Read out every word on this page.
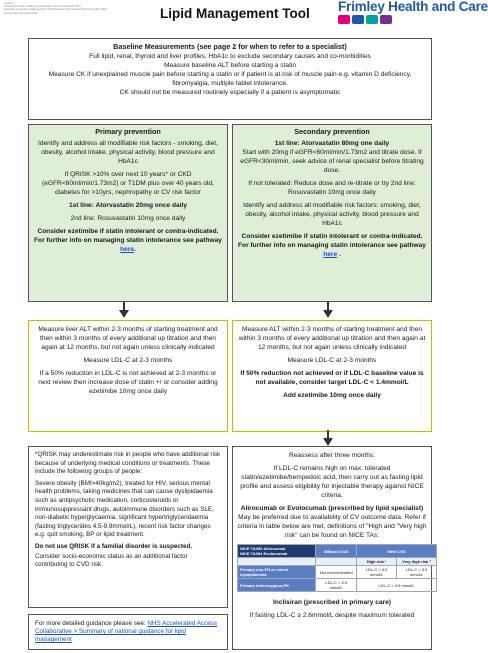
Version 1
Created by Frimley Medicines Optimisation Group November 2023
Approved by Frimley Health and Care ICS Medicines Optimisation Board November 2023
Review date November 2026	Lipid Management Tool Frimley Health and Care

Baseline Measurements (see page 2 for when to refer to a specialist)

Full lipid, renal, thyroid and liver profiles, HbA1c to exclude secondary causes and co-morbidities

Measure baseline ALT before starting a statin

Measure CK if unexplained muscle pain before starting a statin or if patient is at risk of muscle pain e.g. vitamin D deficiency, fibromyalgia, multiple tablet intolerance.

CK should not be measured routinely especially if a patient is asymptomatic

Primary prevention

Identify and address all modifiable risk factors - smoking, diet, obesity, alcohol intake, physical activity, blood pressure and HbA1c

If QRISK >10% over next 10 years* or CKD (eGFR<60ml/min/1.73m2) or T1DM plus over 40 years old, diabetes for >10yrs, nephropathy or CV risk factor

1st line: Atorvastatin 20mg once daily

2nd line: Rosuvastatin 10mg once daily

Consider ezetimibe if statin intolerant or contra-indicated. For further info on managing statin intolerance see pathway here.

Secondary prevention

1st line: Atorvastatin 80mg one daily

Start with 20mg if eGFR<60ml/min/1.73m2 and titrate dose. If eGFR<30ml/min, seek advice of renal specialist before titrating dose.

If not tolerated: Reduce dose and re-titrate or try 2nd line: Rosuvastatin 10mg once daily

Identify and address all modifiable risk factors: smoking, diet, obesity, alcohol intake, physical activity, blood pressure and HbA1c

Consider ezetimibe if statin intolerant or contra-indicated. For further info on managing statin intolerance see pathway here .

Measure liver ALT within 2-3 months of starting treatment and then within 3 months of every additional up titration and then again at 12 months, but not again unless clinically indicated

Measure LDL-C at 2-3 months

If a 50% reduction in LDL-C is not achieved at 2-3 months or next review then increase dose of statin +/ or consider adding ezetimibe 10mg once daily

Measure ALT within 2-3 months of starting treatment and then within 3 months of every additional up titration and then again at 12 months, but not again unless clinically indicated

Measure LDL-C at 2-3 months

If 50% reduction not achieved or if LDL-C baseline value is not available, consider target LDL-C < 1.4mmol/L

Add ezetimibe 10mg once daily

*QRISK may underestimate risk in people who have additional risk because of underlying medical conditions or treatments. These include the following groups of people:

Severe obesity (BMI>40kg/m2), treated for HIV, serious mental health problems, taking medicines that can cause dyslipidaemia such as antipsychotic medication, corticosteroids or immunosuppressant drugs, autoimmune disorders such as SLE, non-diabetic hyperglycaemia, significant hypertriglyceridaemia (fasting triglycerides 4.5-9.9mmol/L), recent risk factor changes e.g. quit smoking, BP or lipid treatment.

Do not use QRISK if a familial disorder is suspected.

Consider socio-economic status as an additional factor contributing to CVD risk.

For more detailed guidance please see: NHS Accelerated Access Collaborative > Summary of national guidance for lipid management

Reassess after three months.

If LDL-C remains high on max. tolerated statin/ezetimibe/bempedoic acid, then carry out as fasting lipid profile and assess eligibility for injectable therapy against NICE criteria.

Alirocumab or Evolocumab (prescribed by lipid specialist)

May be preferred due to availability of CV outcome data. Refer if criteria in table below are met, definitions of "High and "Very high risk" can be found on NICE TAs:

NICE TA393 Alirocumab
NICE TA394 Evolocumab	Without CVD	With CVD	
		High risk ¹	Very high risk ²
Primary non-FH or mixed dyslipidaemia	Not recommended	LDL-C > 4.0 mmol/L	LDL-C > 3.5 mmol/L
Primary heterozygous-FH	LDL-C > 5.0 mmol/L	LDL-C > 3.5 mmol/L	

Inclisiran (prescribed in primary care)

If fasting LDL-C ≥ 2.6mmol/L despite maximum tolerated
